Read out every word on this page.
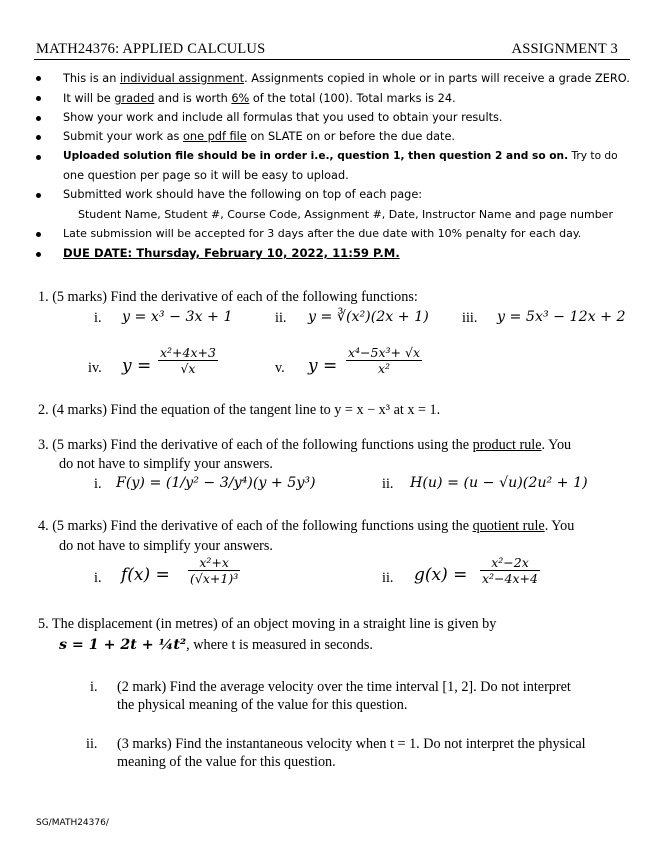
MATH24376: APPLIED CALCULUS	ASSIGNMENT 3
This is an individual assignment. Assignments copied in whole or in parts will receive a grade ZERO.
It will be graded and is worth 6% of the total (100). Total marks is 24.
Show your work and include all formulas that you used to obtain your results.
Submit your work as one pdf file on SLATE on or before the due date.
Uploaded solution file should be in order i.e., question 1, then question 2 and so on. Try to do
one question per page so it will be easy to upload.
Submitted work should have the following on top of each page:
Student Name, Student #, Course Code, Assignment #, Date, Instructor Name and page number
Late submission will be accepted for 3 days after the due date with 10% penalty for each day.
DUE DATE: Thursday, February 10, 2022, 11:59 P.M.
1. (5 marks) Find the derivative of each of the following functions:
i. y = x³ − 3x + 1	ii. y = ∛(x²)(2x + 1) iii. y = 5x³ − 12x + 2
iv. $y = \frac{\text{x²+4x+3}}{√x}$	v. $y = \frac{\text{x⁴−5x³+ √x}}{\text{x²}}$
2. (4 marks) Find the equation of the tangent line to y = x − x³ at x = 1.
3. (5 marks) Find the derivative of each of the following functions using the product rule. You
do not have to simplify your answers.
i. F(y) = (1/y² − 3/y⁴)(y + 5y³)	ii. H(u) = (u − √u)(2u² + 1)
4. (5 marks) Find the derivative of each of the following functions using the quotient rule. You
do not have to simplify your answers.
i. $f(x) = \frac{\text{x²+x}}{\text{(√x+1)³}}$	ii. $g(x) = \frac{\text{x²−2x}}{\text{x²−4x+4}}$
5. The displacement (in metres) of an object moving in a straight line is given by
s = 1 + 2t + ¼t², where t is measured in seconds.
i. (2 mark) Find the average velocity over the time interval [1, 2]. Do not interpret
the physical meaning of the value for this question.
ii. (3 marks) Find the instantaneous velocity when t = 1. Do not interpret the physical
meaning of the value for this question.
SG/MATH24376/
